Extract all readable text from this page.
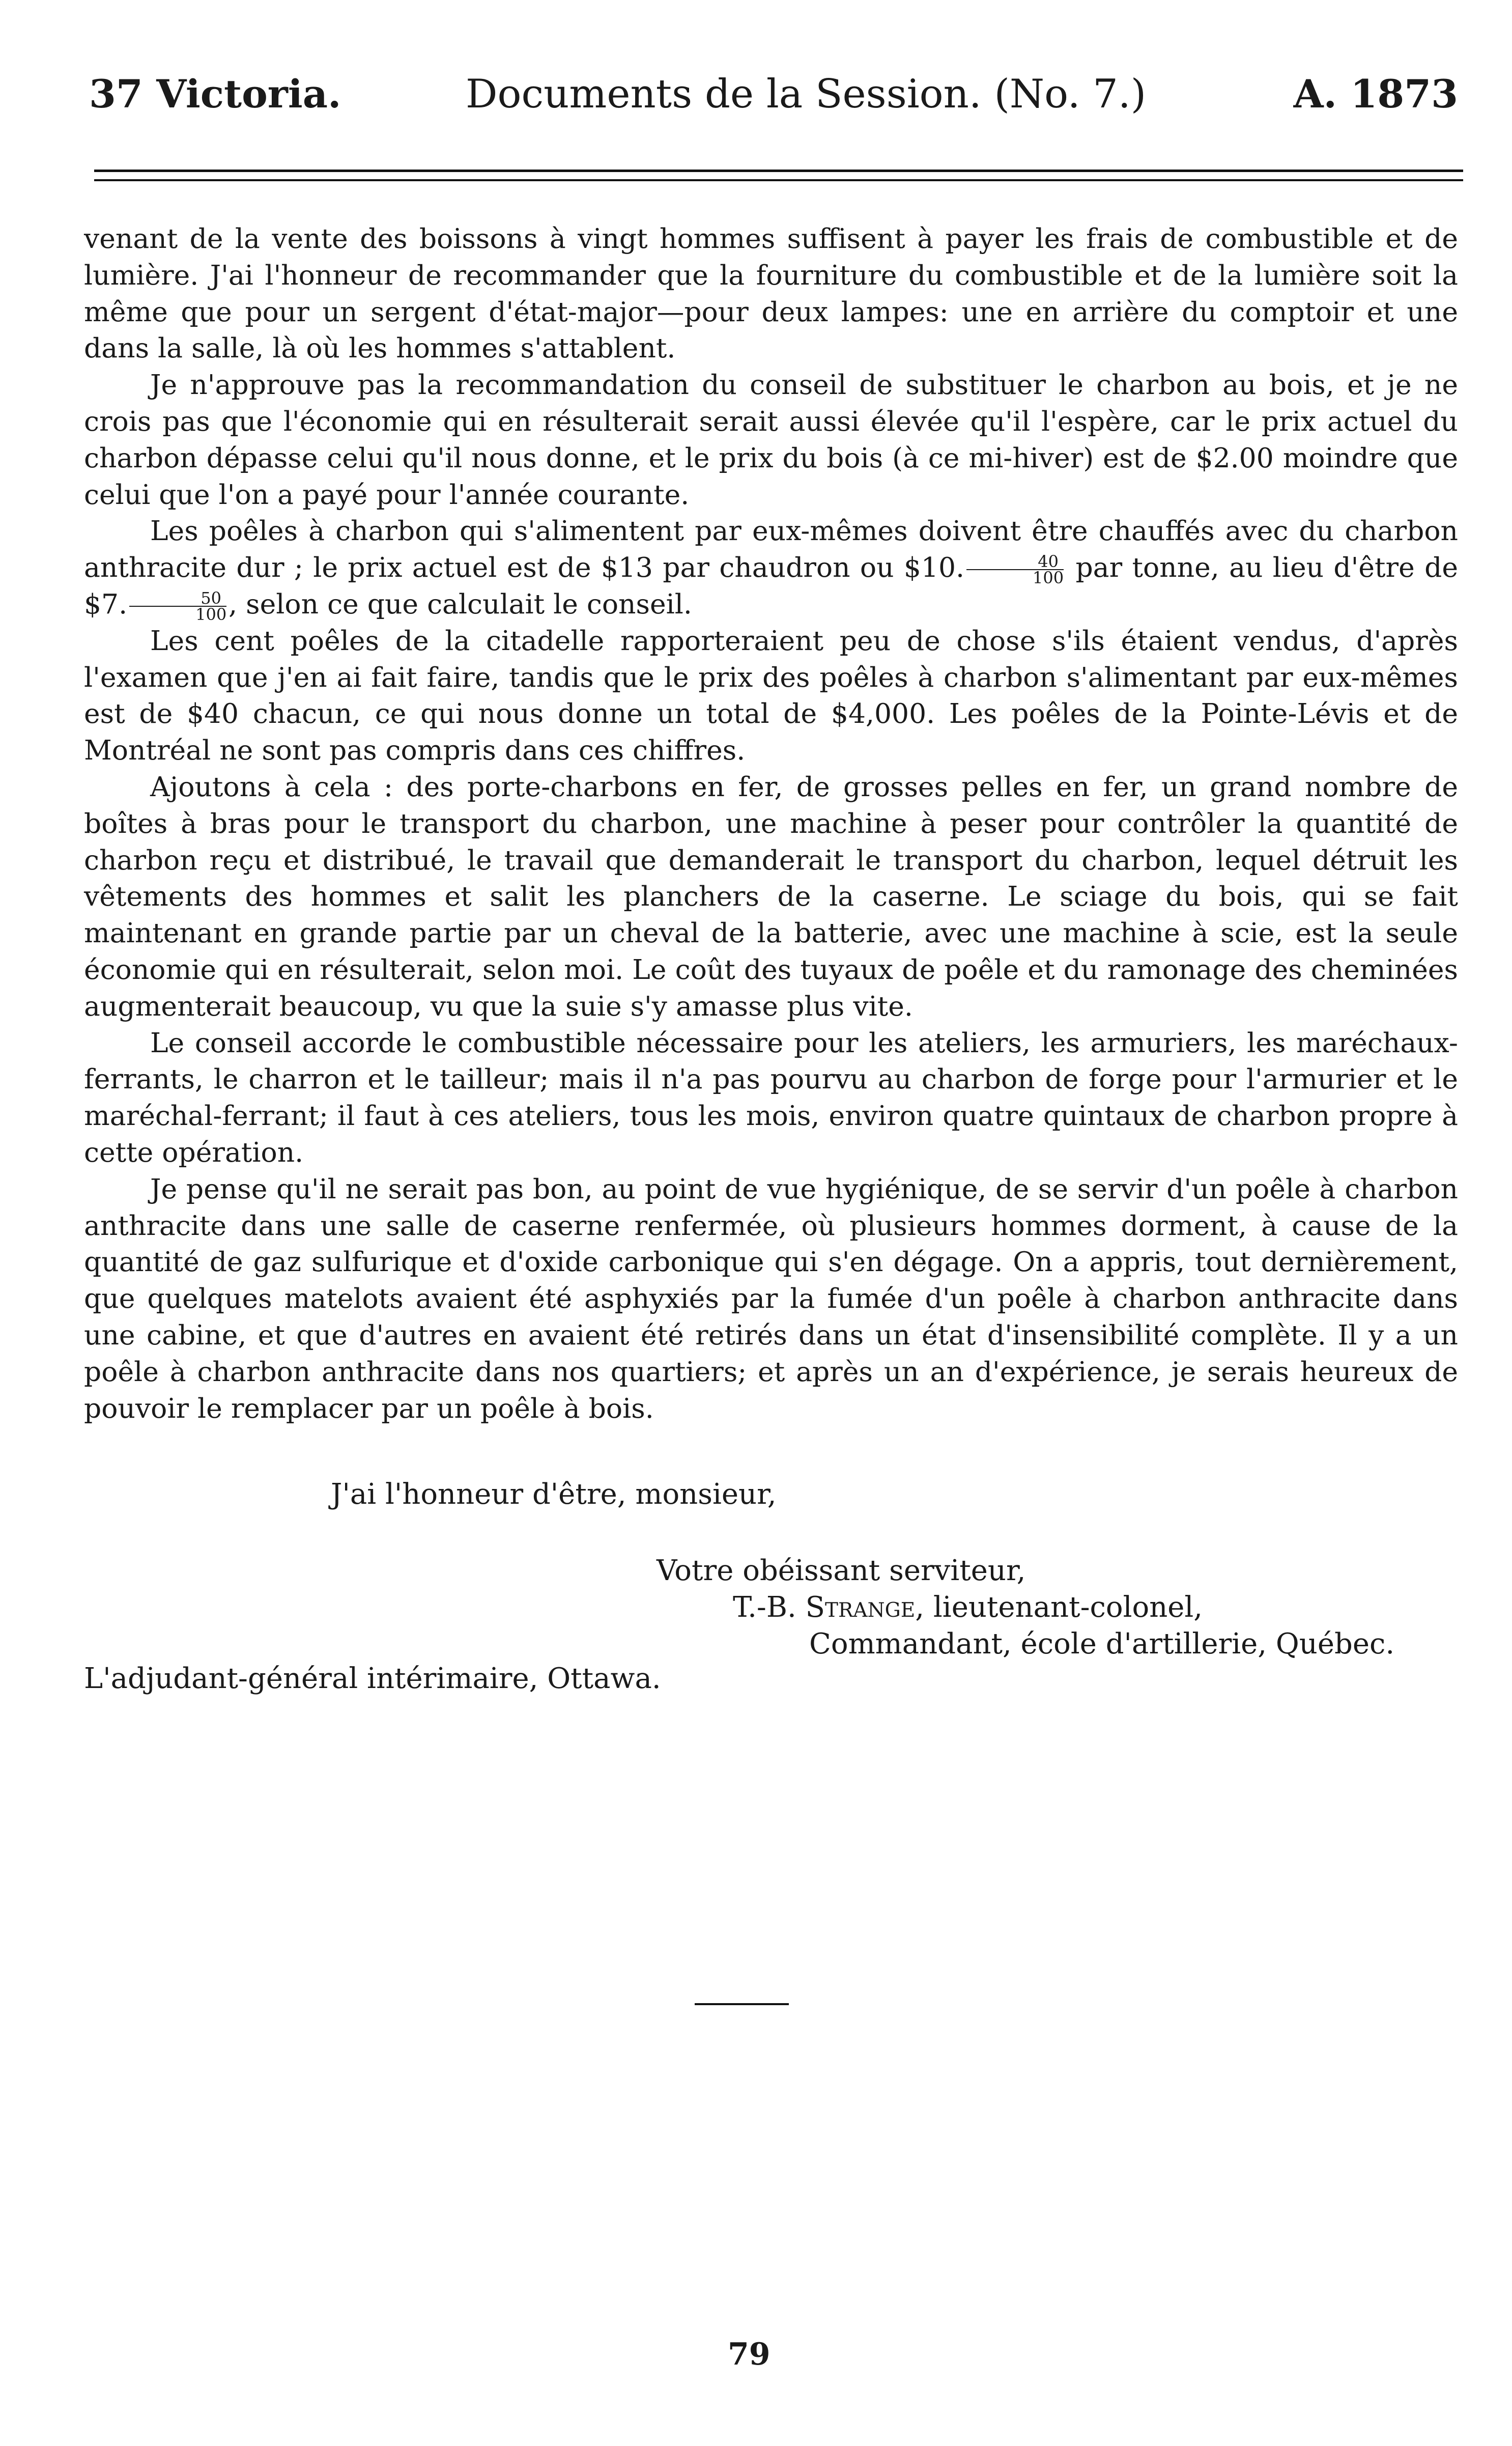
37 Victoria.	Documents de la Session. (No. 7.)	A. 1873

venant de la vente des boissons à vingt hommes suffisent à payer les frais de combustible et de lumière. J'ai l'honneur de recommander que la fourniture du combustible et de la lumière soit la même que pour un sergent d'état-major—pour deux lampes: une en arrière du comptoir et une dans la salle, là où les hommes s'attablent.

Je n'approuve pas la recommandation du conseil de substituer le charbon au bois, et je ne crois pas que l'économie qui en résulterait serait aussi élevée qu'il l'espère, car le prix actuel du charbon dépasse celui qu'il nous donne, et le prix du bois (à ce mi-hiver) est de $2.00 moindre que celui que l'on a payé pour l'année courante.

Les poêles à charbon qui s'alimentent par eux-mêmes doivent être chauffés avec du charbon anthracite dur ; le prix actuel est de $13 par chaudron ou $10. $\frac{40}{100}$ par tonne, au lieu d'être de $7. $\frac{50}{100}$ , selon ce que calculait le conseil.

Les cent poêles de la citadelle rapporteraient peu de chose s'ils étaient vendus, d'après l'examen que j'en ai fait faire, tandis que le prix des poêles à charbon s'alimentant par eux-mêmes est de $40 chacun, ce qui nous donne un total de $4,000. Les poêles de la Pointe-Lévis et de Montréal ne sont pas compris dans ces chiffres.

Ajoutons à cela : des porte-charbons en fer, de grosses pelles en fer, un grand nombre de boîtes à bras pour le transport du charbon, une machine à peser pour contrôler la quantité de charbon reçu et distribué, le travail que demanderait le transport du charbon, lequel détruit les vêtements des hommes et salit les planchers de la caserne. Le sciage du bois, qui se fait maintenant en grande partie par un cheval de la batterie, avec une machine à scie, est la seule économie qui en résulterait, selon moi. Le coût des tuyaux de poêle et du ramonage des cheminées augmenterait beaucoup, vu que la suie s'y amasse plus vite.

Le conseil accorde le combustible nécessaire pour les ateliers, les armuriers, les maréchaux-ferrants, le charron et le tailleur; mais il n'a pas pourvu au charbon de forge pour l'armurier et le maréchal-ferrant; il faut à ces ateliers, tous les mois, environ quatre quintaux de charbon propre à cette opération.

Je pense qu'il ne serait pas bon, au point de vue hygiénique, de se servir d'un poêle à charbon anthracite dans une salle de caserne renfermée, où plusieurs hommes dorment, à cause de la quantité de gaz sulfurique et d'oxide carbonique qui s'en dégage. On a appris, tout dernièrement, que quelques matelots avaient été asphyxiés par la fumée d'un poêle à charbon anthracite dans une cabine, et que d'autres en avaient été retirés dans un état d'insensibilité complète. Il y a un poêle à charbon anthracite dans nos quartiers; et après un an d'expérience, je serais heureux de pouvoir le remplacer par un poêle à bois.

J'ai l'honneur d'être, monsieur,
Votre obéissant serviteur,
T.-B. Strange, lieutenant-colonel,
Commandant, école d'artillerie, Québec.
L'adjudant-général intérimaire, Ottawa.
79
